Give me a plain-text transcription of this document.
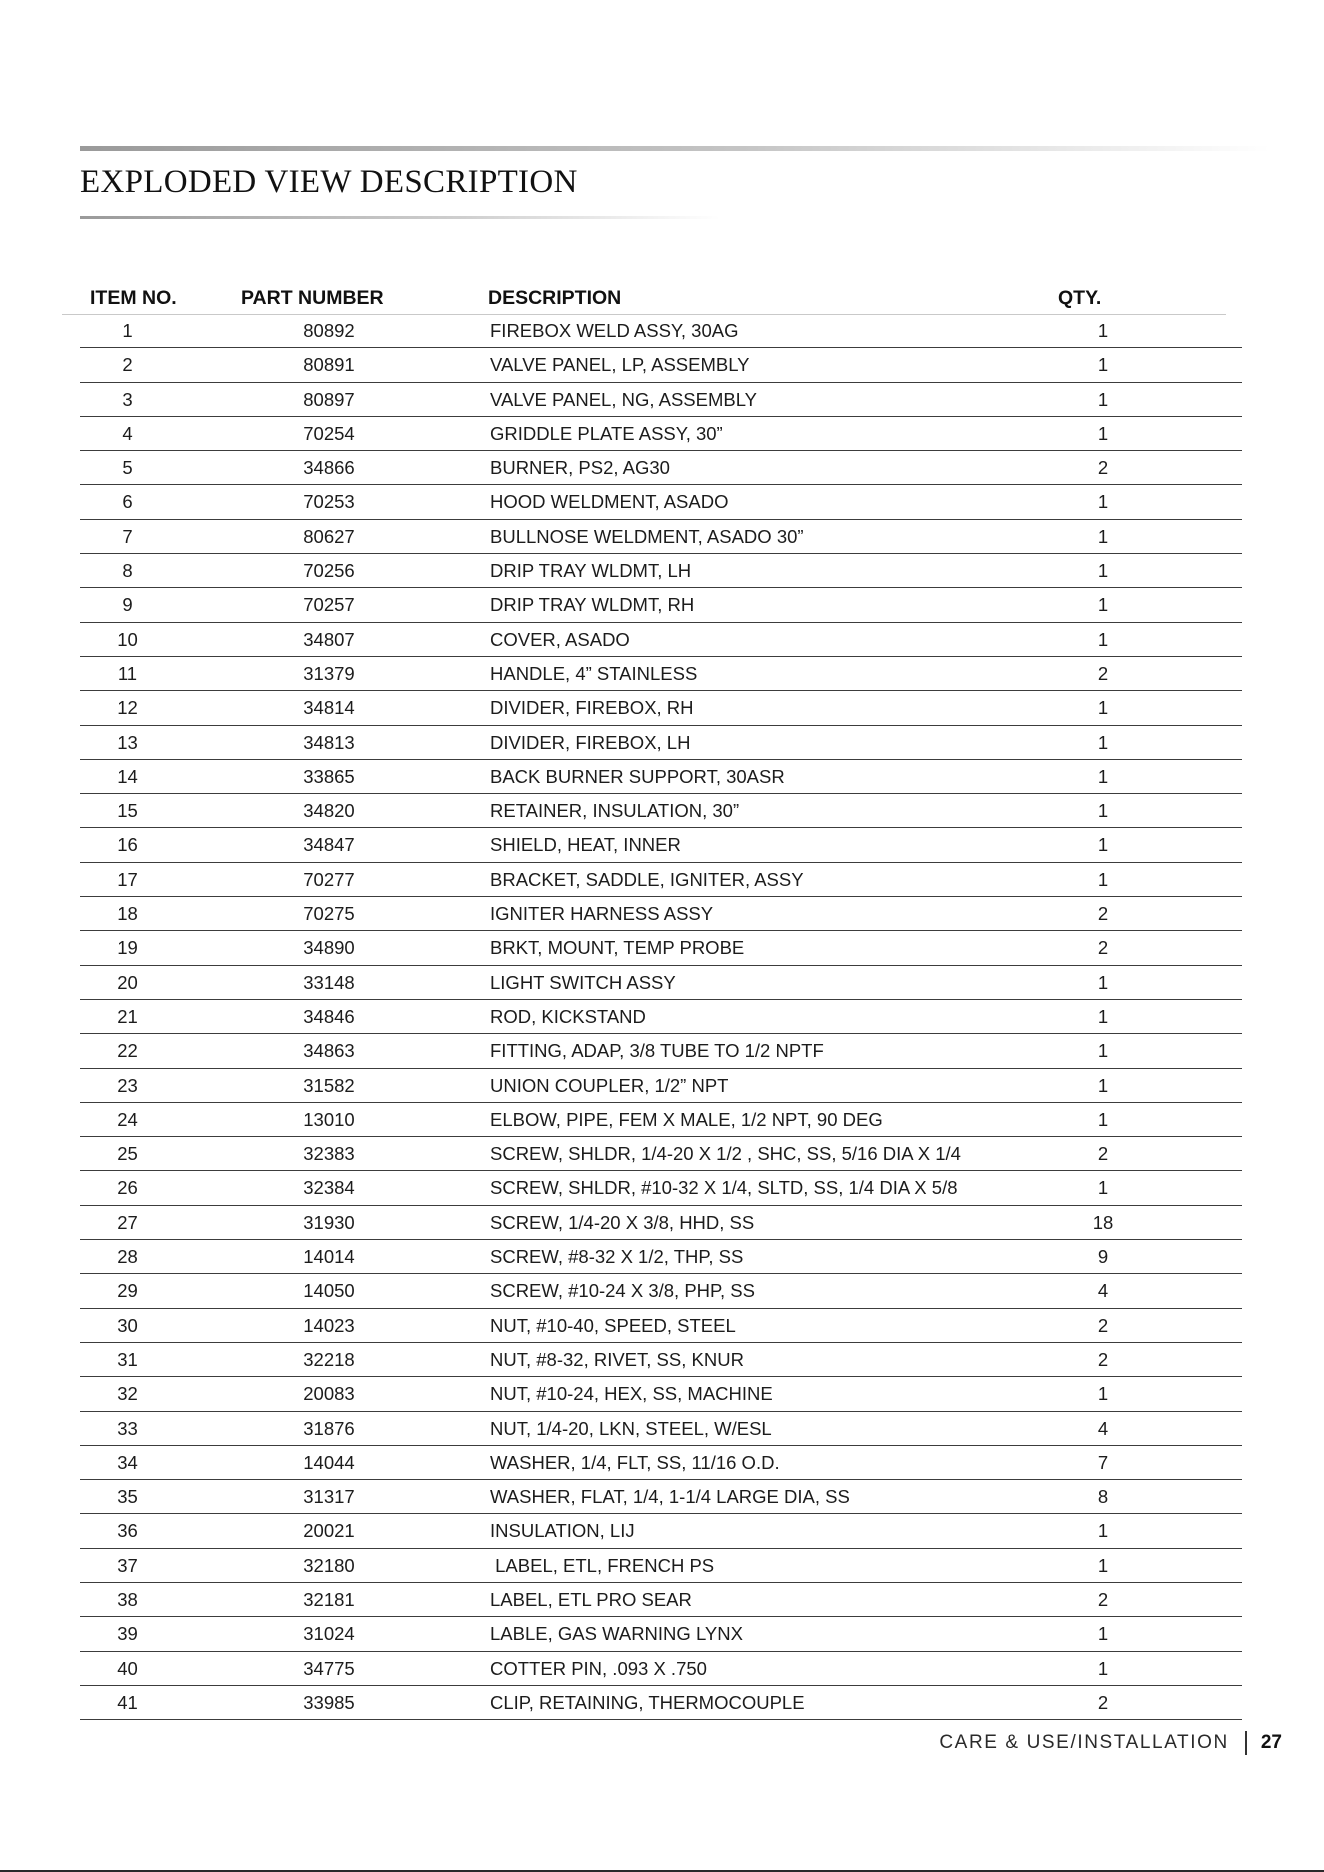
EXPLODED VIEW DESCRIPTION
ITEM NO.	PART NUMBER	DESCRIPTION	QTY.
1	80892	FIREBOX WELD ASSY, 30AG	1
2	80891	VALVE PANEL, LP, ASSEMBLY	1
3	80897	VALVE PANEL, NG, ASSEMBLY	1
4	70254	GRIDDLE PLATE ASSY, 30”	1
5	34866	BURNER, PS2, AG30	2
6	70253	HOOD WELDMENT, ASADO	1
7	80627	BULLNOSE WELDMENT, ASADO 30”	1
8	70256	DRIP TRAY WLDMT, LH	1
9	70257	DRIP TRAY WLDMT, RH	1
10	34807	COVER, ASADO	1
11	31379	HANDLE, 4” STAINLESS	2
12	34814	DIVIDER, FIREBOX, RH	1
13	34813	DIVIDER, FIREBOX, LH	1
14	33865	BACK BURNER SUPPORT, 30ASR	1
15	34820	RETAINER, INSULATION, 30”	1
16	34847	SHIELD, HEAT, INNER	1
17	70277	BRACKET, SADDLE, IGNITER, ASSY	1
18	70275	IGNITER HARNESS ASSY	2
19	34890	BRKT, MOUNT, TEMP PROBE	2
20	33148	LIGHT SWITCH ASSY	1
21	34846	ROD, KICKSTAND	1
22	34863	FITTING, ADAP, 3/8 TUBE TO 1/2 NPTF	1
23	31582	UNION COUPLER, 1/2” NPT	1
24	13010	ELBOW, PIPE, FEM X MALE, 1/2 NPT, 90 DEG	1
25	32383	SCREW, SHLDR, 1/4-20 X 1/2 , SHC, SS, 5/16 DIA X 1/4	2
26	32384	SCREW, SHLDR, #10-32 X 1/4, SLTD, SS, 1/4 DIA X 5/8	1
27	31930	SCREW, 1/4-20 X 3/8, HHD, SS	18
28	14014	SCREW, #8-32 X 1/2, THP, SS	9
29	14050	SCREW, #10-24 X 3/8, PHP, SS	4
30	14023	NUT, #10-40, SPEED, STEEL	2
31	32218	NUT, #8-32, RIVET, SS, KNUR	2
32	20083	NUT, #10-24, HEX, SS, MACHINE	1
33	31876	NUT, 1/4-20, LKN, STEEL, W/ESL	4
34	14044	WASHER, 1/4, FLT, SS, 11/16 O.D.	7
35	31317	WASHER, FLAT, 1/4, 1-1/4 LARGE DIA, SS	8
36	20021	INSULATION, LIJ	1
37	32180	LABEL, ETL, FRENCH PS	1
38	32181	LABEL, ETL PRO SEAR	2
39	31024	LABLE, GAS WARNING LYNX	1
40	34775	COTTER PIN, .093 X .750	1
41	33985	CLIP, RETAINING, THERMOCOUPLE	2
CARE & USE/INSTALLATION 27
